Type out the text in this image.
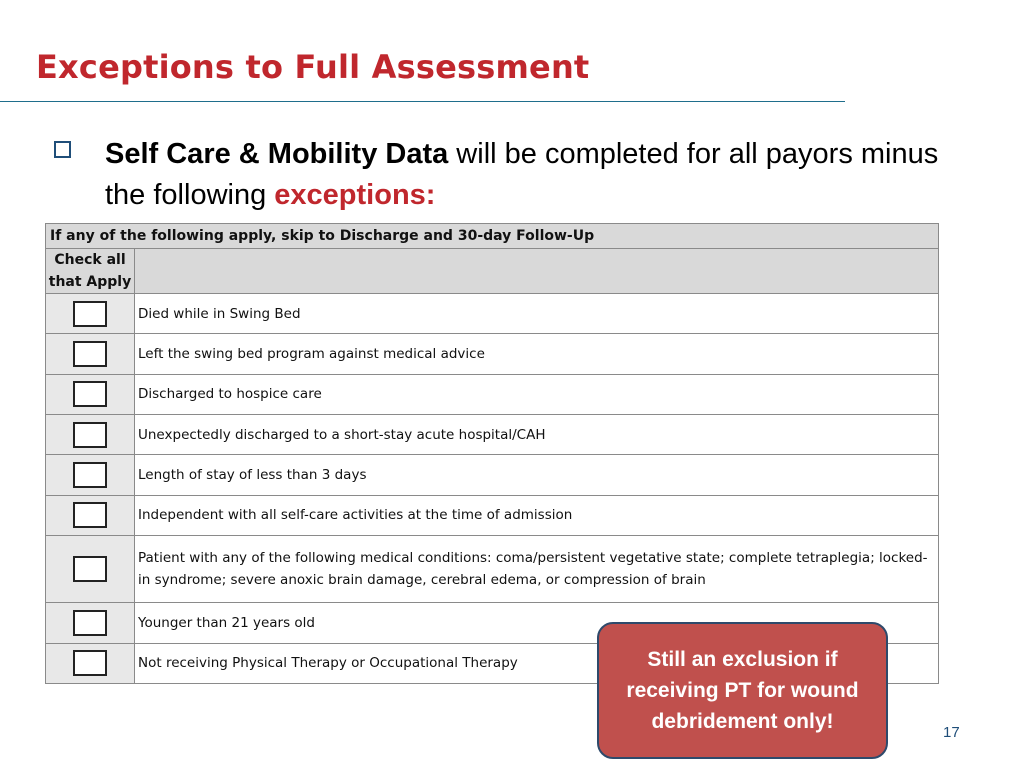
Exceptions to Full Assessment
Self Care & Mobility Data will be completed for all payors minus the following exceptions:
If any of the following apply, skip to Discharge and 30-day Follow-Up	
Check all
that Apply	
	Died while in Swing Bed
	Left the swing bed program against medical advice
	Discharged to hospice care
	Unexpectedly discharged to a short-stay acute hospital/CAH
	Length of stay of less than 3 days
	Independent with all self-care activities at the time of admission
	Patient with any of the following medical conditions: coma/persistent vegetative state; complete tetraplegia; locked-in syndrome; severe anoxic brain damage, cerebral edema, or compression of brain
	Younger than 21 years old
	Not receiving Physical Therapy or Occupational Therapy	Still an exclusion if receiving PT for wound debridement only!	17
